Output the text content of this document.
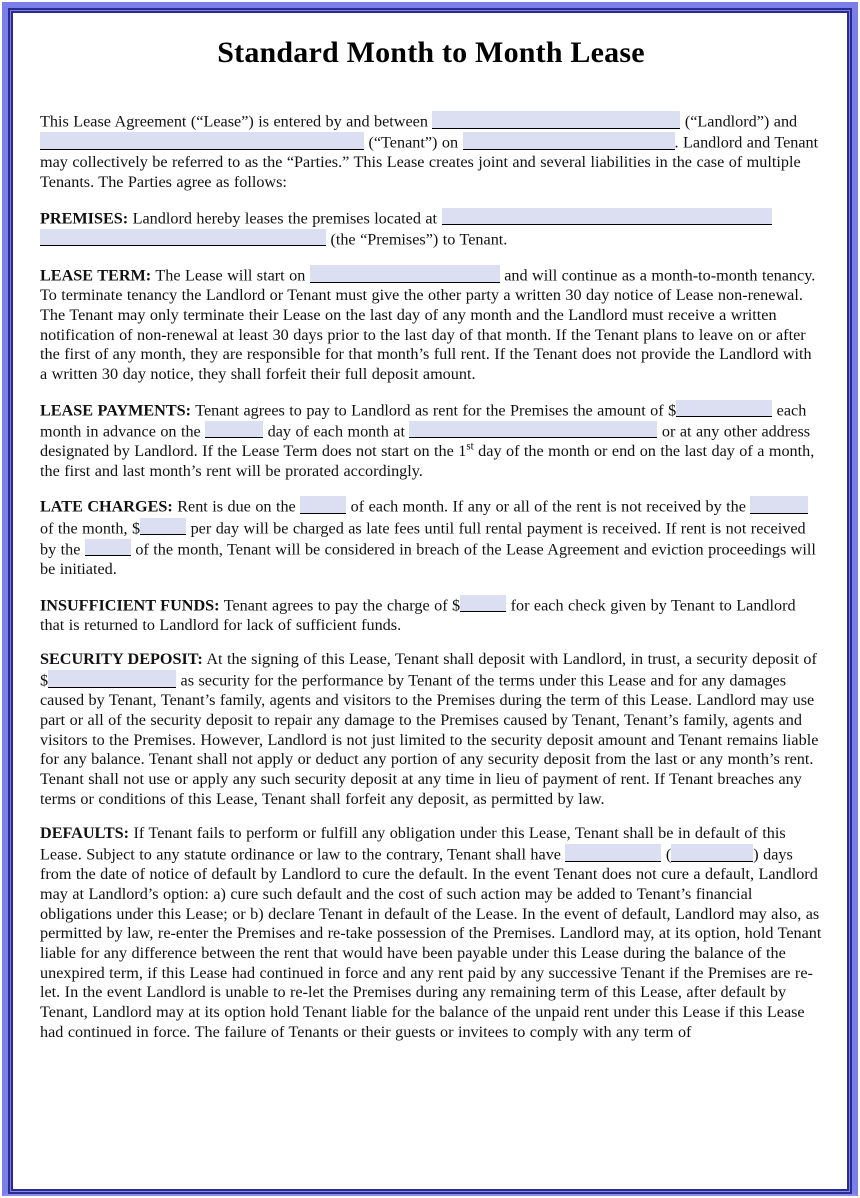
Standard Month to Month Lease

This Lease Agreement (“Lease”) is entered by and between	(“Landlord”) and  (“Tenant”) on	. Landlord and Tenant may collectively be referred to as the “Parties.” This Lease creates joint and several liabilities in the case of multiple Tenants. The Parties agree as follows:

PREMISES: Landlord hereby leases the premises located at   (the “Premises”) to Tenant.

LEASE TERM: The Lease will start on	and will continue as a month-to-month tenancy. To terminate tenancy the Landlord or Tenant must give the other party a written 30 day notice of Lease non-renewal. The Tenant may only terminate their Lease on the last day of any month and the Landlord must receive a written notification of non-renewal at least 30 days prior to the last day of that month. If the Tenant plans to leave on or after the first of any month, they are responsible for that month’s full rent. If the Tenant does not provide the Landlord with a written 30 day notice, they shall forfeit their full deposit amount.

LEASE PAYMENTS: Tenant agrees to pay to Landlord as rent for the Premises the amount of $	each month in advance on the	day of each month at	or at any other address designated by Landlord. If the Lease Term does not start on the 1st day of the month or end on the last day of a month, the first and last month’s rent will be prorated accordingly.

LATE CHARGES: Rent is due on the	of each month. If any or all of the rent is not received by the  of the month, $	per day will be charged as late fees until full rental payment is received. If rent is not received by the	of the month, Tenant will be considered in breach of the Lease Agreement and eviction proceedings will be initiated.

INSUFFICIENT FUNDS: Tenant agrees to pay the charge of $	for each check given by Tenant to Landlord that is returned to Landlord for lack of sufficient funds.

SECURITY DEPOSIT: At the signing of this Lease, Tenant shall deposit with Landlord, in trust, a security deposit of $	as security for the performance by Tenant of the terms under this Lease and for any damages caused by Tenant, Tenant’s family, agents and visitors to the Premises during the term of this Lease. Landlord may use part or all of the security deposit to repair any damage to the Premises caused by Tenant, Tenant’s family, agents and visitors to the Premises. However, Landlord is not just limited to the security deposit amount and Tenant remains liable for any balance. Tenant shall not apply or deduct any portion of any security deposit from the last or any month’s rent. Tenant shall not use or apply any such security deposit at any time in lieu of payment of rent. If Tenant breaches any terms or conditions of this Lease, Tenant shall forfeit any deposit, as permitted by law.

DEFAULTS: If Tenant fails to perform or fulfill any obligation under this Lease, Tenant shall be in default of this Lease. Subject to any statute ordinance or law to the contrary, Tenant shall have	(	) days from the date of notice of default by Landlord to cure the default. In the event Tenant does not cure a default, Landlord may at Landlord’s option: a) cure such default and the cost of such action may be added to Tenant’s financial obligations under this Lease; or b) declare Tenant in default of the Lease. In the event of default, Landlord may also, as permitted by law, re-enter the Premises and re-take possession of the Premises. Landlord may, at its option, hold Tenant liable for any difference between the rent that would have been payable under this Lease during the balance of the unexpired term, if this Lease had continued in force and any rent paid by any successive Tenant if the Premises are re-let. In the event Landlord is unable to re-let the Premises during any remaining term of this Lease, after default by Tenant, Landlord may at its option hold Tenant liable for the balance of the unpaid rent under this Lease if this Lease had continued in force. The failure of Tenants or their guests or invitees to comply with any term of
